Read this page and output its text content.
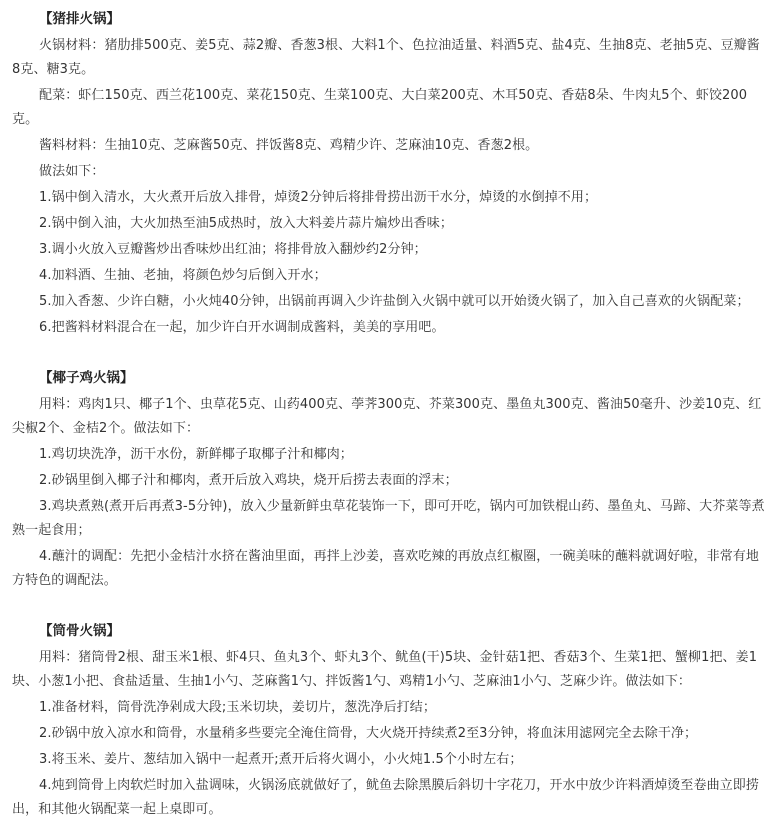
【猪排火锅】

火锅材料：猪肋排500克、姜5克、蒜2瓣、香葱3根、大料1个、色拉油适量、料酒5克、盐4克、生抽8克、老抽5克、豆瓣酱8克、糖3克。

配菜：虾仁150克、西兰花100克、菜花150克、生菜100克、大白菜200克、木耳50克、香菇8朵、牛肉丸5个、虾饺200克。

酱料材料：生抽10克、芝麻酱50克、拌饭酱8克、鸡精少许、芝麻油10克、香葱2根。

做法如下：

1.锅中倒入清水，大火煮开后放入排骨，焯烫2分钟后将排骨捞出沥干水分，焯烫的水倒掉不用；

2.锅中倒入油，大火加热至油5成热时，放入大料姜片蒜片煸炒出香味；

3.调小火放入豆瓣酱炒出香味炒出红油；将排骨放入翻炒约2分钟；

4.加料酒、生抽、老抽，将颜色炒匀后倒入开水；

5.加入香葱、少许白糖，小火炖40分钟，出锅前再调入少许盐倒入火锅中就可以开始烫火锅了，加入自己喜欢的火锅配菜；

6.把酱料材料混合在一起，加少许白开水调制成酱料，美美的享用吧。

【椰子鸡火锅】

用料：鸡肉1只、椰子1个、虫草花5克、山药400克、荸荠300克、芥菜300克、墨鱼丸300克、酱油50毫升、沙姜10克、红尖椒2个、金桔2个。做法如下：

1.鸡切块洗净，沥干水份，新鲜椰子取椰子汁和椰肉；

2.砂锅里倒入椰子汁和椰肉，煮开后放入鸡块，烧开后捞去表面的浮末；

3.鸡块煮熟(煮开后再煮3-5分钟)，放入少量新鲜虫草花装饰一下，即可开吃，锅内可加铁棍山药、墨鱼丸、马蹄、大芥菜等煮熟一起食用；

4.蘸汁的调配：先把小金桔汁水挤在酱油里面，再拌上沙姜，喜欢吃辣的再放点红椒圈，一碗美味的蘸料就调好啦，非常有地方特色的调配法。

【筒骨火锅】

用料：猪筒骨2根、甜玉米1根、虾4只、鱼丸3个、虾丸3个、鱿鱼(干)5块、金针菇1把、香菇3个、生菜1把、蟹柳1把、姜1块、小葱1小把、食盐适量、生抽1小勺、芝麻酱1勺、拌饭酱1勺、鸡精1小勺、芝麻油1小勺、芝麻少许。做法如下：

1.准备材料，筒骨洗净剁成大段;玉米切块，姜切片，葱洗净后打结；

2.砂锅中放入凉水和筒骨，水量稍多些要完全淹住筒骨，大火烧开持续煮2至3分钟，将血沫用滤网完全去除干净；

3.将玉米、姜片、葱结加入锅中一起煮开;煮开后将火调小，小火炖1.5个小时左右；

4.炖到筒骨上肉软烂时加入盐调味，火锅汤底就做好了，鱿鱼去除黑膜后斜切十字花刀，开水中放少许料酒焯烫至卷曲立即捞出，和其他火锅配菜一起上桌即可。
